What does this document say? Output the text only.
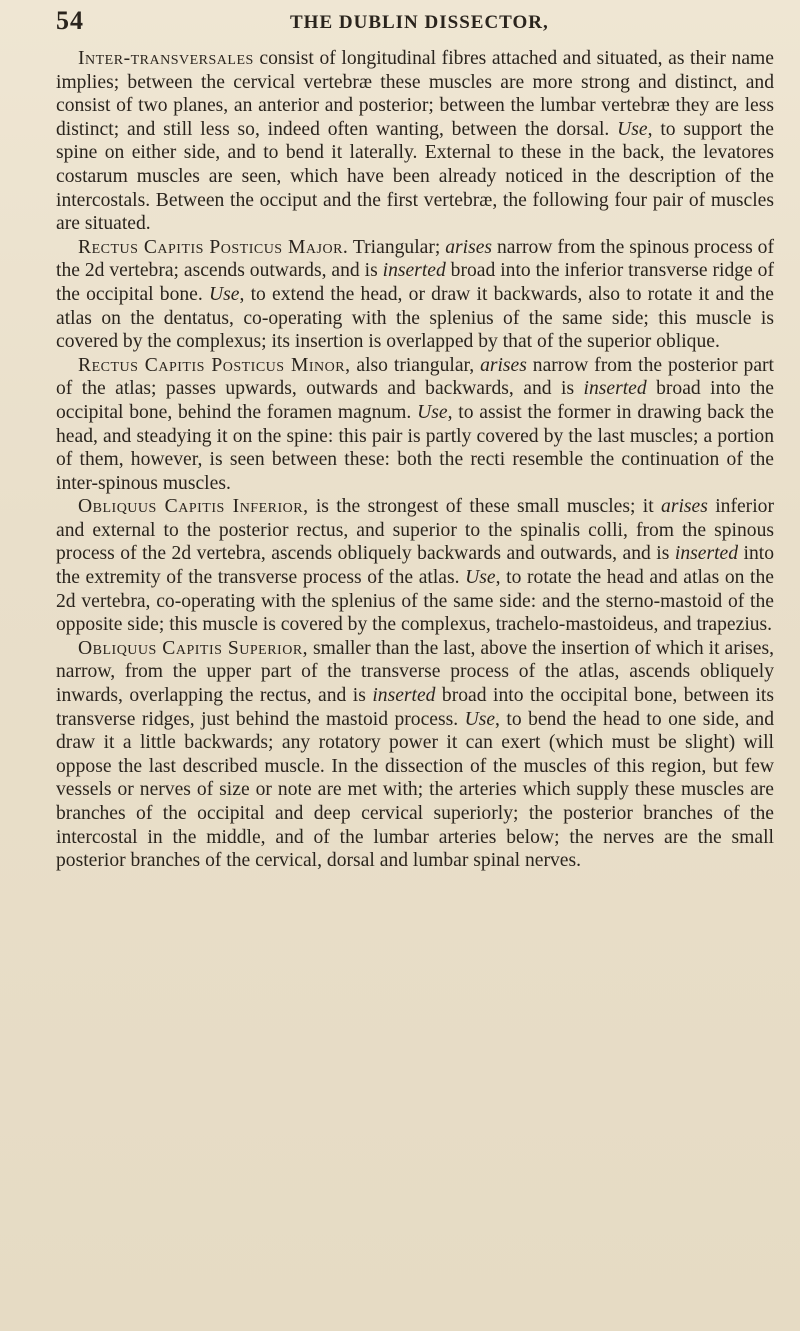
54	THE DUBLIN DISSECTOR,

Inter-transversales consist of longitudinal fibres attached and situated, as their name implies; between the cervical vertebræ these muscles are more strong and distinct, and consist of two planes, an anterior and posterior; between the lumbar vertebræ they are less distinct; and still less so, indeed often wanting, between the dorsal. Use, to support the spine on either side, and to bend it laterally. External to these in the back, the levatores costarum muscles are seen, which have been already noticed in the description of the intercostals. Between the occiput and the first vertebræ, the following four pair of muscles are situated.

Rectus Capitis Posticus Major. Triangular; arises narrow from the spinous process of the 2d vertebra; ascends outwards, and is inserted broad into the inferior transverse ridge of the occipital bone. Use, to extend the head, or draw it backwards, also to rotate it and the atlas on the dentatus, co-operating with the splenius of the same side; this muscle is covered by the complexus; its insertion is overlapped by that of the superior oblique.

Rectus Capitis Posticus Minor, also triangular, arises narrow from the posterior part of the atlas; passes upwards, outwards and backwards, and is inserted broad into the occipital bone, behind the foramen magnum. Use, to assist the former in drawing back the head, and steadying it on the spine: this pair is partly covered by the last muscles; a portion of them, however, is seen between these: both the recti resemble the continuation of the inter-spinous muscles.

Obliquus Capitis Inferior, is the strongest of these small muscles; it arises inferior and external to the posterior rectus, and superior to the spinalis colli, from the spinous process of the 2d vertebra, ascends obliquely backwards and outwards, and is inserted into the extremity of the transverse process of the atlas. Use, to rotate the head and atlas on the 2d vertebra, co-operating with the splenius of the same side: and the sterno-mastoid of the opposite side; this muscle is covered by the complexus, trachelo-mastoideus, and trapezius.

Obliquus Capitis Superior, smaller than the last, above the insertion of which it arises, narrow, from the upper part of the transverse process of the atlas, ascends obliquely inwards, overlapping the rectus, and is inserted broad into the occipital bone, between its transverse ridges, just behind the mastoid process. Use, to bend the head to one side, and draw it a little backwards; any rotatory power it can exert (which must be slight) will oppose the last described muscle. In the dissection of the muscles of this region, but few vessels or nerves of size or note are met with; the arteries which supply these muscles are branches of the occipital and deep cervical superiorly; the posterior branches of the intercostal in the middle, and of the lumbar arteries below; the nerves are the small posterior branches of the cervical, dorsal and lumbar spinal nerves.
